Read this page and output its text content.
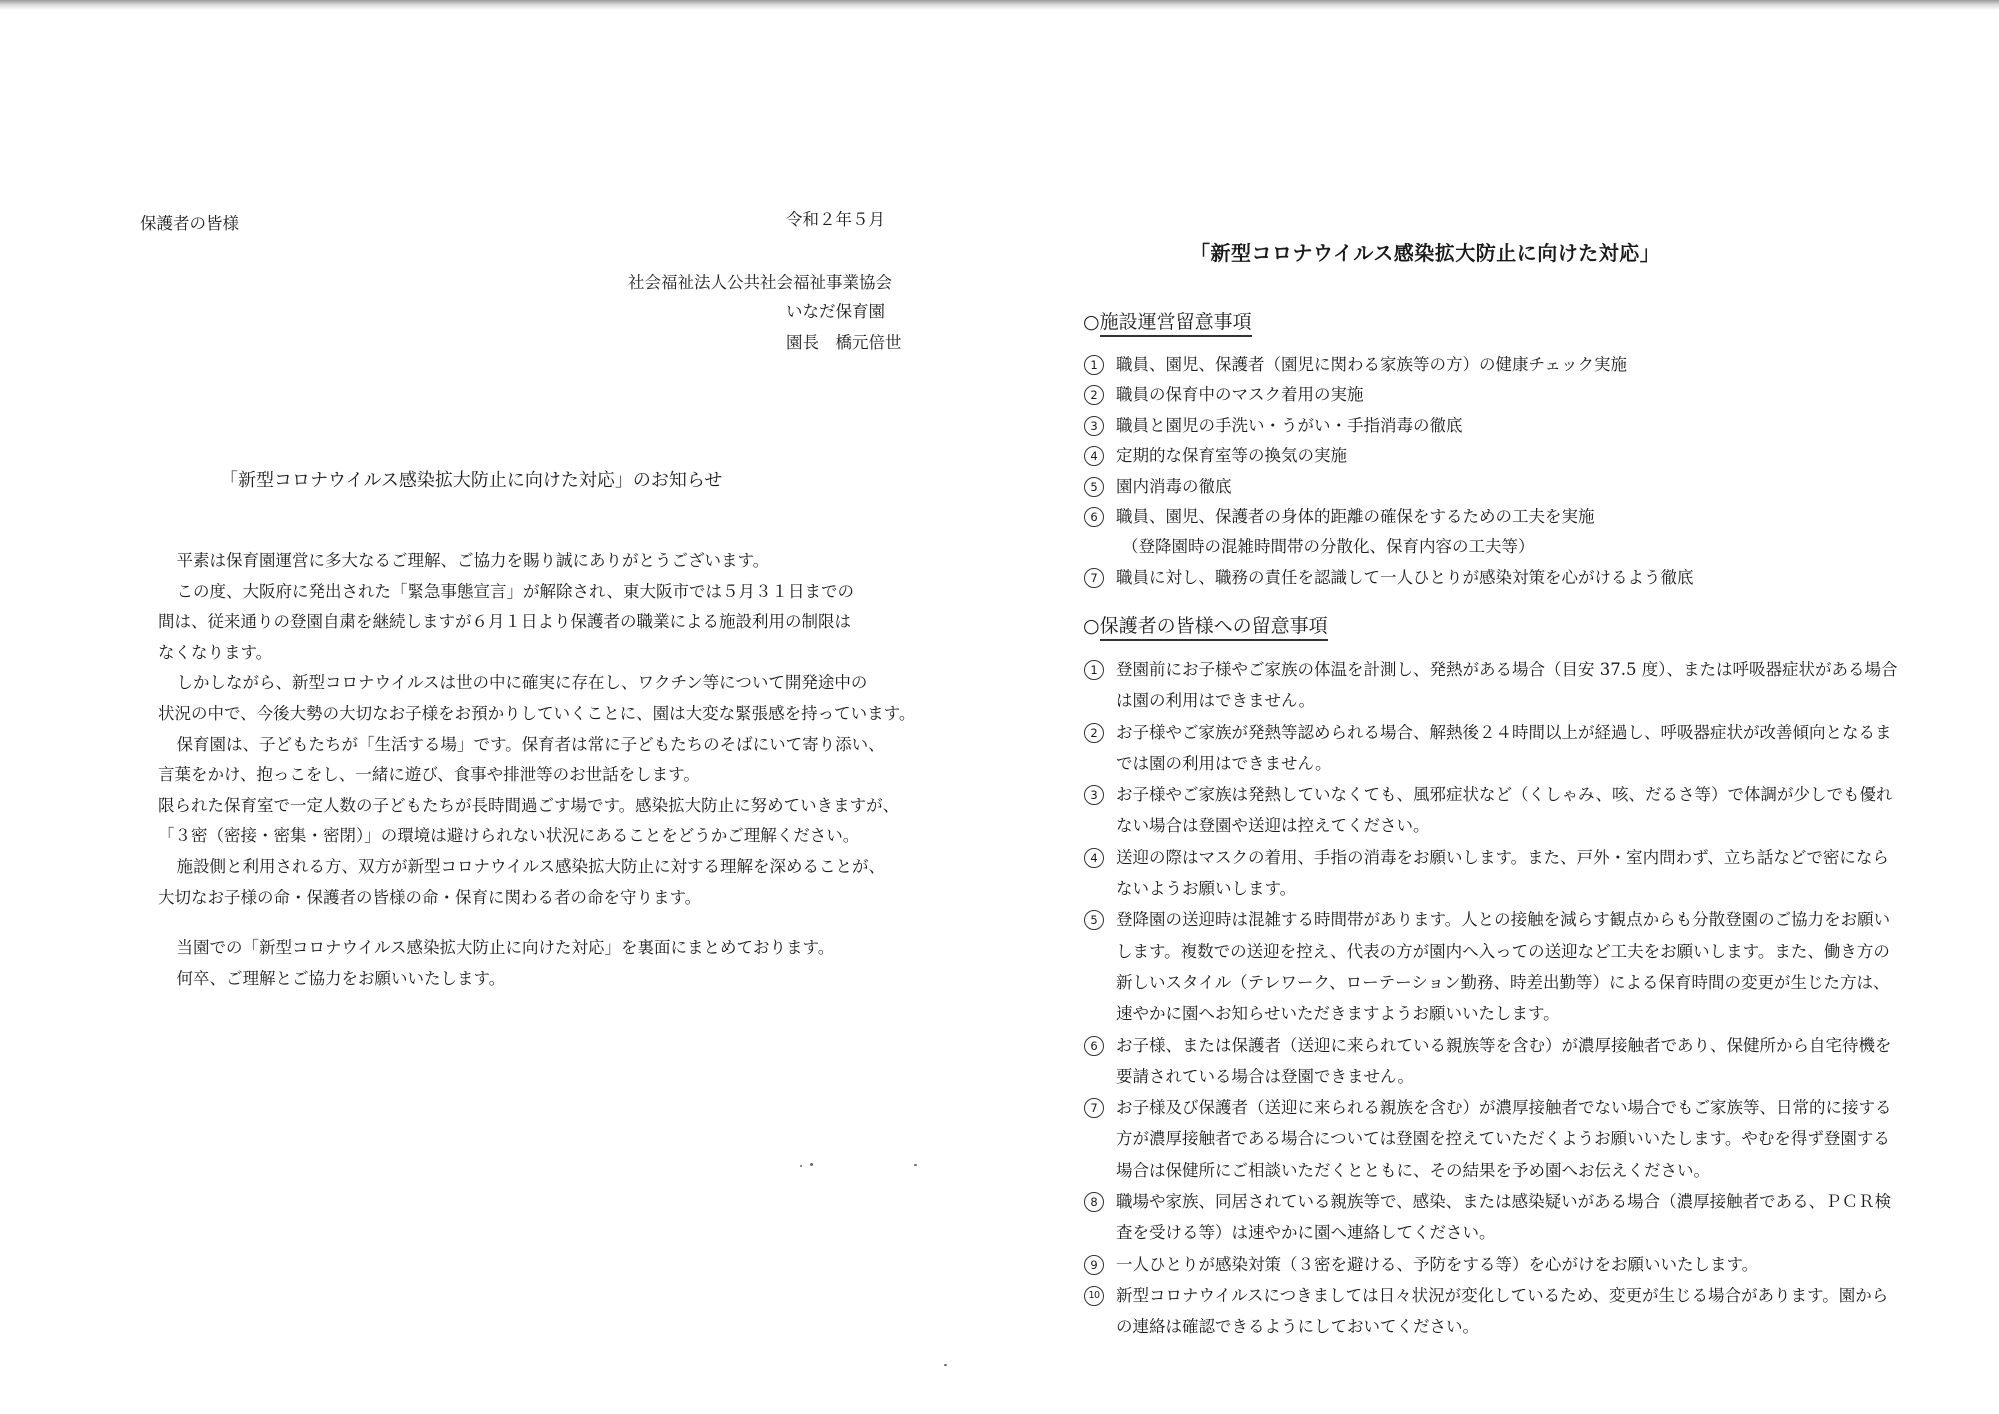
保護者の皆様	令和２年５月
社会福祉法人公共社会福祉事業協会
いなだ保育園
園長　橋元倍世
「新型コロナウイルス感染拡大防止に向けた対応」のお知らせ
　平素は保育園運営に多大なるご理解、ご協力を賜り誠にありがとうございます。
　この度、大阪府に発出された「緊急事態宣言」が解除され、東大阪市では５月３１日までの
間は、従来通りの登園自粛を継続しますが６月１日より保護者の職業による施設利用の制限は
なくなります。
　しかしながら、新型コロナウイルスは世の中に確実に存在し、ワクチン等について開発途中の
状況の中で、今後大勢の大切なお子様をお預かりしていくことに、園は大変な緊張感を持っています。
　保育園は、子どもたちが「生活する場」です。保育者は常に子どもたちのそばにいて寄り添い、
言葉をかけ、抱っこをし、一緒に遊び、食事や排泄等のお世話をします。
限られた保育室で一定人数の子どもたちが長時間過ごす場です。感染拡大防止に努めていきますが、
「３密（密接・密集・密閉）」の環境は避けられない状況にあることをどうかご理解ください。
　施設側と利用される方、双方が新型コロナウイルス感染拡大防止に対する理解を深めることが、
大切なお子様の命・保護者の皆様の命・保育に関わる者の命を守ります。
　当園での「新型コロナウイルス感染拡大防止に向けた対応」を裏面にまとめております。
　何卒、ご理解とご協力をお願いいたします。
「新型コロナウイルス感染拡大防止に向けた対応」
○施設運営留意事項
1	職員、園児、保護者（園児に関わる家族等の方）の健康チェック実施
2	職員の保育中のマスク着用の実施
3	職員と園児の手洗い・うがい・手指消毒の徹底
4	定期的な保育室等の換気の実施
5	園内消毒の徹底
6	職員、園児、保護者の身体的距離の確保をするための工夫を実施
（登降園時の混雑時間帯の分散化、保育内容の工夫等）
7	職員に対し、職務の責任を認識して一人ひとりが感染対策を心がけるよう徹底
○保護者の皆様への留意事項
1	登園前にお子様やご家族の体温を計測し、発熱がある場合（目安 37.5 度）、または呼吸器症状がある場合
は園の利用はできません。
2	お子様やご家族が発熱等認められる場合、解熱後２４時間以上が経過し、呼吸器症状が改善傾向となるま
では園の利用はできません。
3	お子様やご家族は発熱していなくても、風邪症状など（くしゃみ、咳、だるさ等）で体調が少しでも優れ
ない場合は登園や送迎は控えてください。
4	送迎の際はマスクの着用、手指の消毒をお願いします。また、戸外・室内問わず、立ち話などで密になら
ないようお願いします。
5	登降園の送迎時は混雑する時間帯があります。人との接触を減らす観点からも分散登園のご協力をお願い
します。複数での送迎を控え、代表の方が園内へ入っての送迎など工夫をお願いします。また、働き方の
新しいスタイル（テレワーク、ローテーション勤務、時差出勤等）による保育時間の変更が生じた方は、
速やかに園へお知らせいただきますようお願いいたします。
6	お子様、または保護者（送迎に来られている親族等を含む）が濃厚接触者であり、保健所から自宅待機を
要請されている場合は登園できません。
7	お子様及び保護者（送迎に来られる親族を含む）が濃厚接触者でない場合でもご家族等、日常的に接する
方が濃厚接触者である場合については登園を控えていただくようお願いいたします。やむを得ず登園する
場合は保健所にご相談いただくとともに、その結果を予め園へお伝えください。
8	職場や家族、同居されている親族等で、感染、または感染疑いがある場合（濃厚接触者である、ＰＣＲ検
査を受ける等）は速やかに園へ連絡してください。
9	一人ひとりが感染対策（３密を避ける、予防をする等）を心がけをお願いいたします。
10 新型コロナウイルスにつきましては日々状況が変化しているため、変更が生じる場合があります。園から
の連絡は確認できるようにしておいてください。
